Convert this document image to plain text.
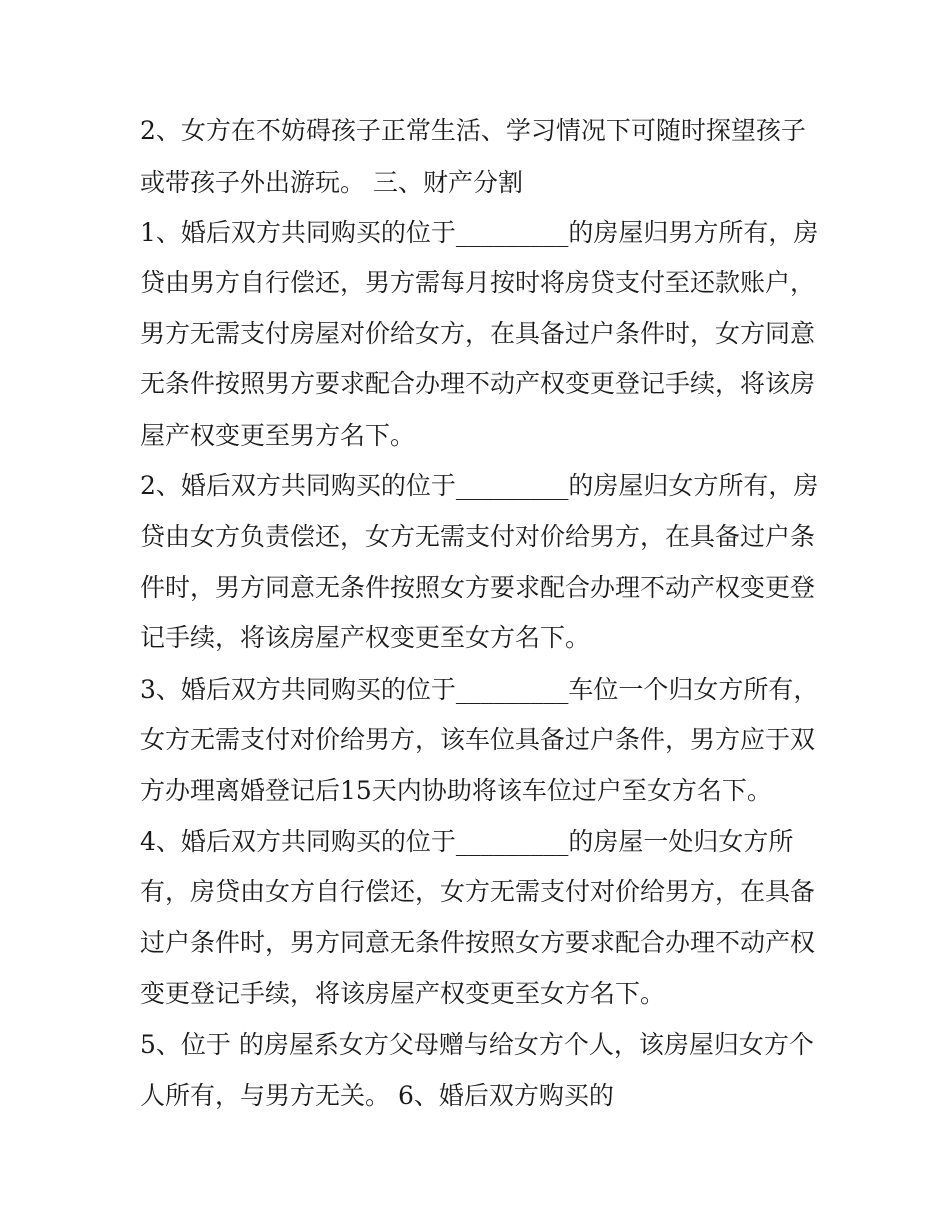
2、女方在不妨碍孩子正常生活、学习情况下可随时探望孩子
或带孩子外出游玩。 三、财产分割
1、婚后双方共同购买的位于_________的房屋归男方所有，房
贷由男方自行偿还，男方需每月按时将房贷支付至还款账户，
男方无需支付房屋对价给女方，在具备过户条件时，女方同意
无条件按照男方要求配合办理不动产权变更登记手续，将该房
屋产权变更至男方名下。
2、婚后双方共同购买的位于_________的房屋归女方所有，房
贷由女方负责偿还，女方无需支付对价给男方，在具备过户条
件时，男方同意无条件按照女方要求配合办理不动产权变更登
记手续，将该房屋产权变更至女方名下。
3、婚后双方共同购买的位于_________车位一个归女方所有，
女方无需支付对价给男方，该车位具备过户条件，男方应于双
方办理离婚登记后15天内协助将该车位过户至女方名下。
4、婚后双方共同购买的位于_________的房屋一处归女方所
有，房贷由女方自行偿还，女方无需支付对价给男方，在具备
过户条件时，男方同意无条件按照女方要求配合办理不动产权
变更登记手续，将该房屋产权变更至女方名下。
5、位于 的房屋系女方父母赠与给女方个人，该房屋归女方个
人所有，与男方无关。 6、婚后双方购买的
